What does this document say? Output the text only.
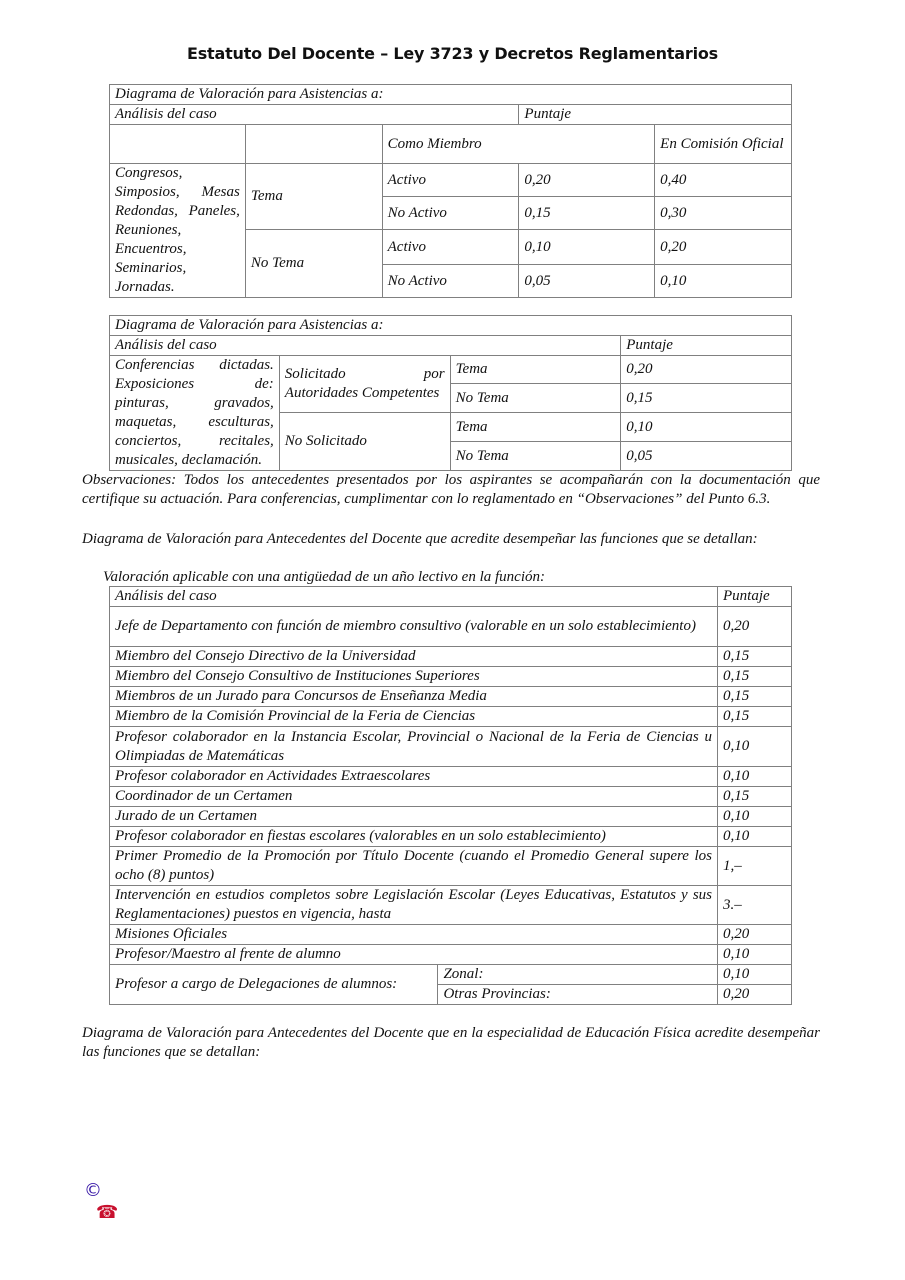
Estatuto Del Docente – Ley 3723 y Decretos Reglamentarios
Diagrama de Valoración para Asistencias a:				
Análisis del caso			Puntaje	
		Como Miembro		En Comisión Oficial
Congresos, Simposios, Mesas Redondas, Paneles, Reuniones, Encuentros, Seminarios, Jornadas.	Tema	Activo	0,20	0,40
		No Activo	0,15	0,30
	No Tema	Activo	0,10	0,20
		No Activo	0,05	0,10
Diagrama de Valoración para Asistencias a:			
Análisis del caso			Puntaje
Conferencias dictadas. Exposiciones de: pinturas, gravados, maquetas, esculturas, conciertos, recitales, musicales, declamación.	Solicitado por Autoridades Competentes	Tema	0,20
		No Tema	0,15
	No Solicitado	Tema	0,10
		No Tema	0,05
Observaciones: Todos los antecedentes presentados por los aspirantes se acompañarán con la documentación que certifique su actuación. Para conferencias, cumplimentar con lo reglamentado en “Observaciones” del Punto 6.3.
Diagrama de Valoración para Antecedentes del Docente que acredite desempeñar las funciones que se detallan:
Valoración aplicable con una antigüedad de un año lectivo en la función:
Análisis del caso		Puntaje
Jefe de Departamento con función de miembro consultivo (valorable en un solo establecimiento)		0,20
Miembro del Consejo Directivo de la Universidad		0,15
Miembro del Consejo Consultivo de Instituciones Superiores		0,15
Miembros de un Jurado para Concursos de Enseñanza Media		0,15
Miembro de la Comisión Provincial de la Feria de Ciencias		0,15
Profesor colaborador en la Instancia Escolar, Provincial o Nacional de la Feria de Ciencias u Olimpiadas de Matemáticas		0,10
Profesor colaborador en Actividades Extraescolares		0,10
Coordinador de un Certamen		0,15
Jurado de un Certamen		0,10
Profesor colaborador en fiestas escolares (valorables en un solo establecimiento)		0,10
Primer Promedio de la Promoción por Título Docente (cuando el Promedio General supere los ocho (8) puntos)		1,–
Intervención en estudios completos sobre Legislación Escolar (Leyes Educativas, Estatutos y sus Reglamentaciones) puestos en vigencia, hasta		3.–
Misiones Oficiales		0,20
Profesor/Maestro al frente de alumno		0,10
Profesor a cargo de Delegaciones de alumnos:	Zonal:	0,10
	Otras Provincias:	0,20
Diagrama de Valoración para Antecedentes del Docente que en la especialidad de Educación Física acredite desempeñar las funciones que se detallan:
©
☎
